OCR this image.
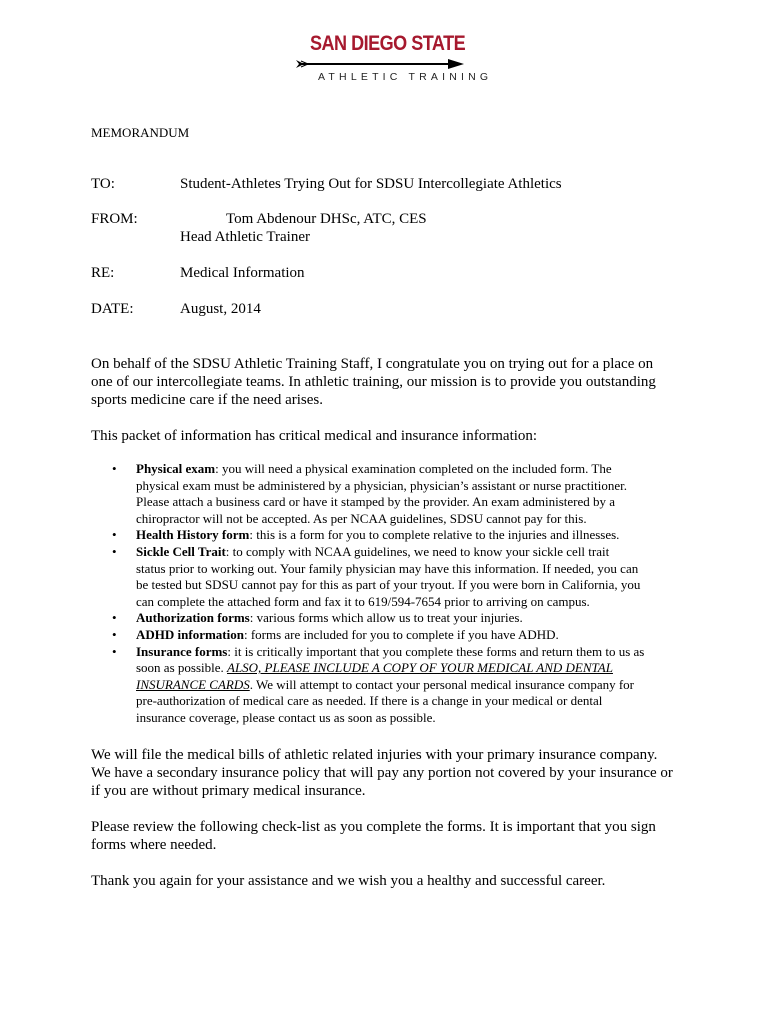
SAN DIEGO STATE
ATHLETIC TRAINING
MEMORANDUM
TO:	Student-Athletes Trying Out for SDSU Intercollegiate Athletics
FROM:	Tom Abdenour DHSc, ATC, CES
Head Athletic Trainer
RE:	Medical Information
DATE:	August, 2014
On behalf of the SDSU Athletic Training Staff, I congratulate you on trying out for a place on
one of our intercollegiate teams. In athletic training, our mission is to provide you outstanding
sports medicine care if the need arises.
This packet of information has critical medical and insurance information:
• Physical exam: you will need a physical examination completed on the included form. The
physical exam must be administered by a physician, physician’s assistant or nurse practitioner.
Please attach a business card or have it stamped by the provider. An exam administered by a
chiropractor will not be accepted. As per NCAA guidelines, SDSU cannot pay for this.
• Health History form: this is a form for you to complete relative to the injuries and illnesses.
• Sickle Cell Trait: to comply with NCAA guidelines, we need to know your sickle cell trait
status prior to working out. Your family physician may have this information. If needed, you can
be tested but SDSU cannot pay for this as part of your tryout. If you were born in California, you
can complete the attached form and fax it to 619/594-7654 prior to arriving on campus.
• Authorization forms: various forms which allow us to treat your injuries.
• ADHD information: forms are included for you to complete if you have ADHD.
• Insurance forms: it is critically important that you complete these forms and return them to us as
soon as possible. ALSO, PLEASE INCLUDE A COPY OF YOUR MEDICAL AND DENTAL
INSURANCE CARDS. We will attempt to contact your personal medical insurance company for
pre-authorization of medical care as needed. If there is a change in your medical or dental
insurance coverage, please contact us as soon as possible.
We will file the medical bills of athletic related injuries with your primary insurance company.
We have a secondary insurance policy that will pay any portion not covered by your insurance or
if you are without primary medical insurance.
Please review the following check-list as you complete the forms. It is important that you sign
forms where needed.
Thank you again for your assistance and we wish you a healthy and successful career.
